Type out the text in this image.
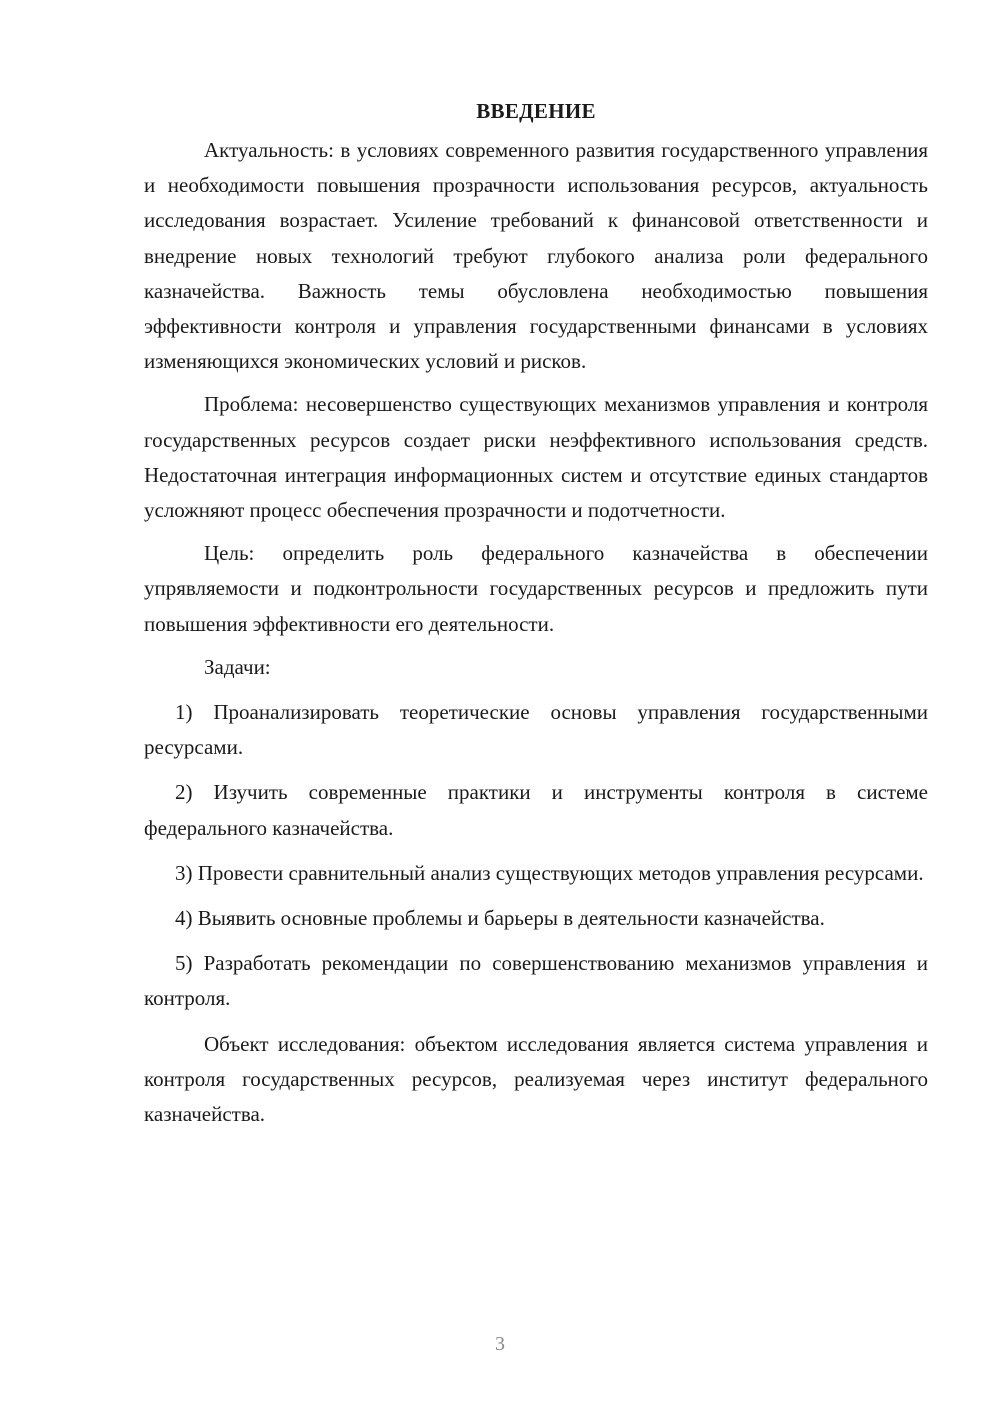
ВВЕДЕНИЕ

Актуальность: в условиях современного развития государственного управления и необходимости повышения прозрачности использования ресурсов, актуальность исследования возрастает. Усиление требований к финансовой ответственности и внедрение новых технологий требуют глубокого анализа роли федерального казначейства. Важность темы обусловлена необходимостью повышения эффективности контроля и управления государственными финансами в условиях изменяющихся экономических условий и рисков.

Проблема: несовершенство существующих механизмов управления и контроля государственных ресурсов создает риски неэффективного использования средств. Недостаточная интеграция информационных систем и отсутствие единых стандартов усложняют процесс обеспечения прозрачности и подотчетности.

Цель: определить роль федерального казначейства в обеспечении упрявляемости и подконтрольности государственных ресурсов и предложить пути повышения эффективности его деятельности.

Задачи:

1) Проанализировать теоретические основы управления государственными ресурсами.

2) Изучить современные практики и инструменты контроля в системе федерального казначейства.

3) Провести сравнительный анализ существующих методов управления ресурсами.

4) Выявить основные проблемы и барьеры в деятельности казначейства.

5) Разработать рекомендации по совершенствованию механизмов управления и контроля.

Объект исследования: объектом исследования является система управления и контроля государственных ресурсов, реализуемая через институт федерального казначейства.

3
